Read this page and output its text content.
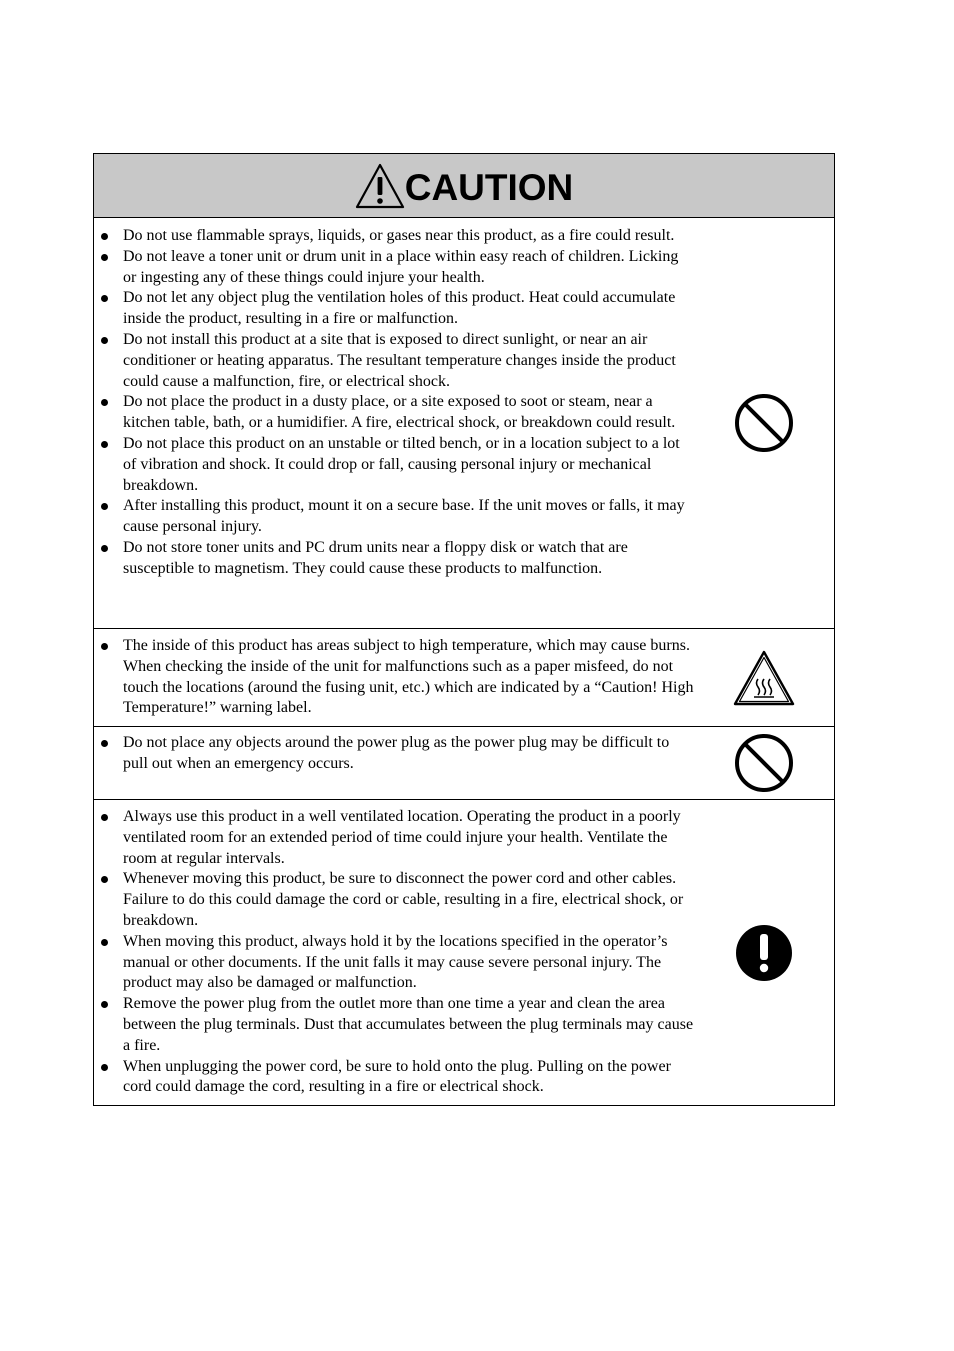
CAUTION
Do not use flammable sprays, liquids, or gases near this product, as a fire could result.
Do not leave a toner unit or drum unit in a place within easy reach of children. Licking or ingesting any of these things could injure your health.
Do not let any object plug the ventilation holes of this product. Heat could accumulate inside the product, resulting in a fire or malfunction.
Do not install this product at a site that is exposed to direct sunlight, or near an air conditioner or heating apparatus. The resultant temperature changes inside the product could cause a malfunction, fire, or electrical shock.
Do not place the product in a dusty place, or a site exposed to soot or steam, near a kitchen table, bath, or a humidifier. A fire, electrical shock, or breakdown could result.
Do not place this product on an unstable or tilted bench, or in a location subject to a lot of vibration and shock. It could drop or fall, causing personal injury or mechanical breakdown.
After installing this product, mount it on a secure base. If the unit moves or falls, it may cause personal injury.
Do not store toner units and PC drum units near a floppy disk or watch that are susceptible to magnetism. They could cause these products to malfunction.
The inside of this product has areas subject to high temperature, which may cause burns. When checking the inside of the unit for malfunctions such as a paper misfeed, do not touch the locations (around the fusing unit, etc.) which are indicated by a “Caution! High Temperature!” warning label.
Do not place any objects around the power plug as the power plug may be difficult to pull out when an emergency occurs.
Always use this product in a well ventilated location. Operating the product in a poorly ventilated room for an extended period of time could injure your health. Ventilate the room at regular intervals.
Whenever moving this product, be sure to disconnect the power cord and other cables. Failure to do this could damage the cord or cable, resulting in a fire, electrical shock, or breakdown.
When moving this product, always hold it by the locations specified in the operator’s manual or other documents. If the unit falls it may cause severe personal injury. The product may also be damaged or malfunction.
Remove the power plug from the outlet more than one time a year and clean the area between the plug terminals. Dust that accumulates between the plug terminals may cause a fire.
When unplugging the power cord, be sure to hold onto the plug. Pulling on the power cord could damage the cord, resulting in a fire or electrical shock.
